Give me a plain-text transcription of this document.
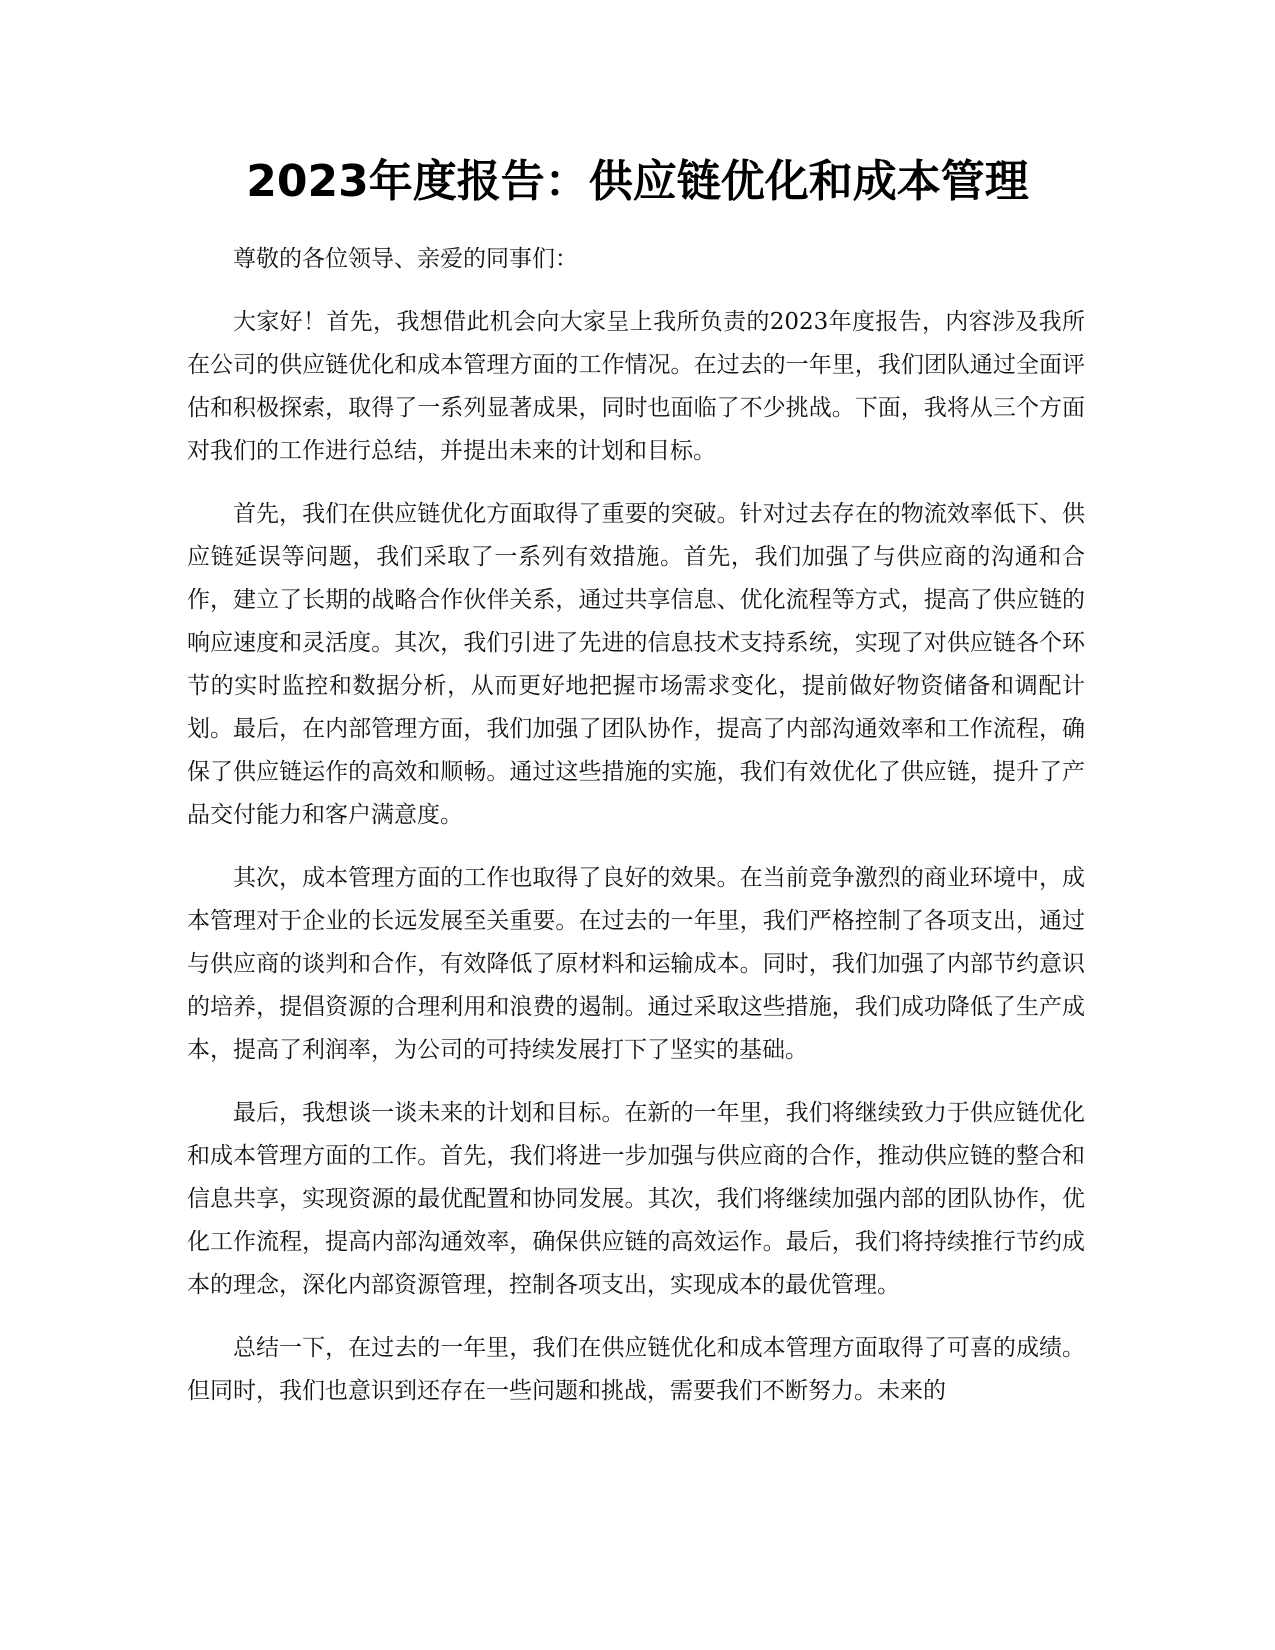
2023年度报告：供应链优化和成本管理

尊敬的各位领导、亲爱的同事们：

大家好！首先，我想借此机会向大家呈上我所负责的2023年度报告，内容涉及我所在公司的供应链优化和成本管理方面的工作情况。在过去的一年里，我们团队通过全面评估和积极探索，取得了一系列显著成果，同时也面临了不少挑战。下面，我将从三个方面对我们的工作进行总结，并提出未来的计划和目标。

首先，我们在供应链优化方面取得了重要的突破。针对过去存在的物流效率低下、供应链延误等问题，我们采取了一系列有效措施。首先，我们加强了与供应商的沟通和合作，建立了长期的战略合作伙伴关系，通过共享信息、优化流程等方式，提高了供应链的响应速度和灵活度。其次，我们引进了先进的信息技术支持系统，实现了对供应链各个环节的实时监控和数据分析，从而更好地把握市场需求变化，提前做好物资储备和调配计划。最后，在内部管理方面，我们加强了团队协作，提高了内部沟通效率和工作流程，确保了供应链运作的高效和顺畅。通过这些措施的实施，我们有效优化了供应链，提升了产品交付能力和客户满意度。

其次，成本管理方面的工作也取得了良好的效果。在当前竞争激烈的商业环境中，成本管理对于企业的长远发展至关重要。在过去的一年里，我们严格控制了各项支出，通过与供应商的谈判和合作，有效降低了原材料和运输成本。同时，我们加强了内部节约意识的培养，提倡资源的合理利用和浪费的遏制。通过采取这些措施，我们成功降低了生产成本，提高了利润率，为公司的可持续发展打下了坚实的基础。

最后，我想谈一谈未来的计划和目标。在新的一年里，我们将继续致力于供应链优化和成本管理方面的工作。首先，我们将进一步加强与供应商的合作，推动供应链的整合和信息共享，实现资源的最优配置和协同发展。其次，我们将继续加强内部的团队协作，优化工作流程，提高内部沟通效率，确保供应链的高效运作。最后，我们将持续推行节约成本的理念，深化内部资源管理，控制各项支出，实现成本的最优管理。

总结一下，在过去的一年里，我们在供应链优化和成本管理方面取得了可喜的成绩。但同时，我们也意识到还存在一些问题和挑战，需要我们不断努力。未来的
